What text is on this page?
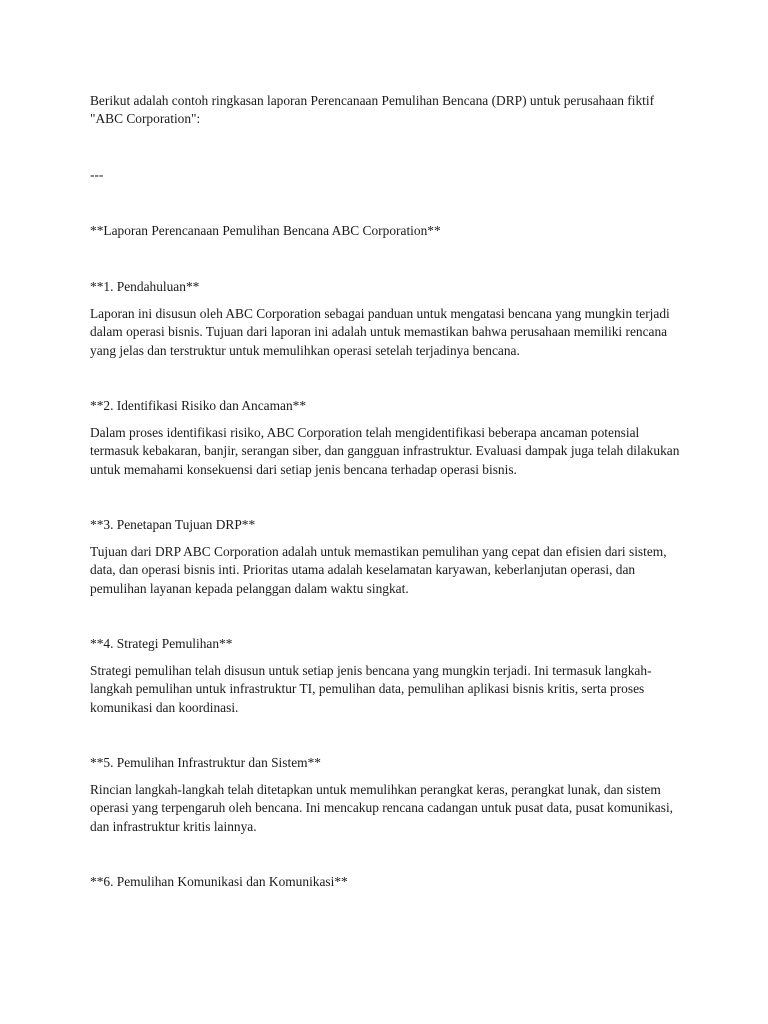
Berikut adalah contoh ringkasan laporan Perencanaan Pemulihan Bencana (DRP) untuk perusahaan fiktif "ABC Corporation":

---

**Laporan Perencanaan Pemulihan Bencana ABC Corporation**
**1. Pendahuluan**

Laporan ini disusun oleh ABC Corporation sebagai panduan untuk mengatasi bencana yang mungkin terjadi dalam operasi bisnis. Tujuan dari laporan ini adalah untuk memastikan bahwa perusahaan memiliki rencana yang jelas dan terstruktur untuk memulihkan operasi setelah terjadinya bencana.

**2. Identifikasi Risiko dan Ancaman**

Dalam proses identifikasi risiko, ABC Corporation telah mengidentifikasi beberapa ancaman potensial termasuk kebakaran, banjir, serangan siber, dan gangguan infrastruktur. Evaluasi dampak juga telah dilakukan untuk memahami konsekuensi dari setiap jenis bencana terhadap operasi bisnis.

**3. Penetapan Tujuan DRP**

Tujuan dari DRP ABC Corporation adalah untuk memastikan pemulihan yang cepat dan efisien dari sistem, data, dan operasi bisnis inti. Prioritas utama adalah keselamatan karyawan, keberlanjutan operasi, dan pemulihan layanan kepada pelanggan dalam waktu singkat.

**4. Strategi Pemulihan**

Strategi pemulihan telah disusun untuk setiap jenis bencana yang mungkin terjadi. Ini termasuk langkah-langkah pemulihan untuk infrastruktur TI, pemulihan data, pemulihan aplikasi bisnis kritis, serta proses komunikasi dan koordinasi.

**5. Pemulihan Infrastruktur dan Sistem**

Rincian langkah-langkah telah ditetapkan untuk memulihkan perangkat keras, perangkat lunak, dan sistem operasi yang terpengaruh oleh bencana. Ini mencakup rencana cadangan untuk pusat data, pusat komunikasi, dan infrastruktur kritis lainnya.

**6. Pemulihan Komunikasi dan Komunikasi**
